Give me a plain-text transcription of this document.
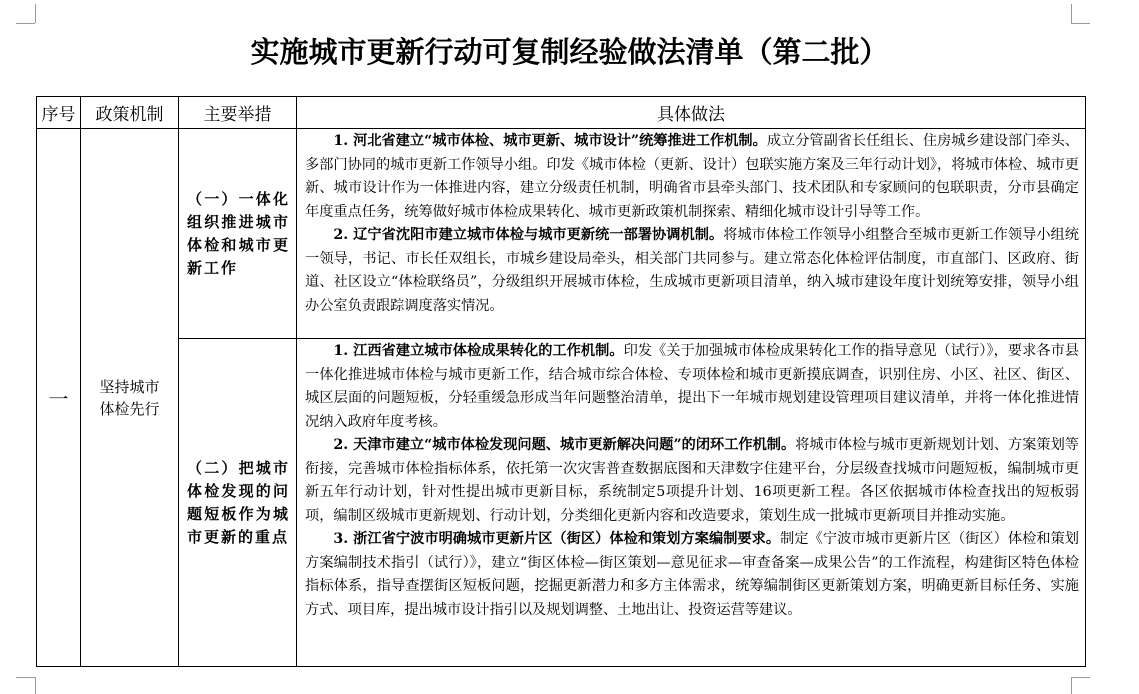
实施城市更新行动可复制经验做法清单（第二批）
序号	政策机制	主要举措	具体做法
一	坚持城市体检先行	（一）一体化组织推进城市体检和城市更新工作	1. 河北省建立“城市体检、城市更新、城市设计”统筹推进工作机制。成立分管副省长任组长、住房城乡建设部门牵头、多部门协同的城市更新工作领导小组。印发《城市体检（更新、设计）包联实施方案及三年行动计划》，将城市体检、城市更新、城市设计作为一体推进内容，建立分级责任机制，明确省市县牵头部门、技术团队和专家顾问的包联职责，分市县确定年度重点任务，统筹做好城市体检成果转化、城市更新政策机制探索、精细化城市设计引导等工作。

2. 辽宁省沈阳市建立城市体检与城市更新统一部署协调机制。将城市体检工作领导小组整合至城市更新工作领导小组统一领导，书记、市长任双组长，市城乡建设局牵头，相关部门共同参与。建立常态化体检评估制度，市直部门、区政府、街道、社区设立“体检联络员”，分级组织开展城市体检，生成城市更新项目清单，纳入城市建设年度计划统筹安排，领导小组办公室负责跟踪调度落实情况。

		（二）把城市体检发现的问题短板作为城市更新的重点	1. 江西省建立城市体检成果转化的工作机制。印发《关于加强城市体检成果转化工作的指导意见（试行）》，要求各市县一体化推进城市体检与城市更新工作，结合城市综合体检、专项体检和城市更新摸底调查，识别住房、小区、社区、街区、城区层面的问题短板，分轻重缓急形成当年问题整治清单，提出下一年城市规划建设管理项目建议清单，并将一体化推进情况纳入政府年度考核。

2. 天津市建立“城市体检发现问题、城市更新解决问题”的闭环工作机制。将城市体检与城市更新规划计划、方案策划等衔接，完善城市体检指标体系，依托第一次灾害普查数据底图和天津数字住建平台，分层级查找城市问题短板，编制城市更新五年行动计划，针对性提出城市更新目标，系统制定5项提升计划、16项更新工程。各区依据城市体检查找出的短板弱项，编制区级城市更新规划、行动计划，分类细化更新内容和改造要求，策划生成一批城市更新项目并推动实施。

3. 浙江省宁波市明确城市更新片区（街区）体检和策划方案编制要求。制定《宁波市城市更新片区（街区）体检和策划方案编制技术指引（试行）》，建立“街区体检—街区策划—意见征求—审查备案—成果公告”的工作流程，构建街区特色体检指标体系，指导查摆街区短板问题，挖掘更新潜力和多方主体需求，统筹编制街区更新策划方案，明确更新目标任务、实施方式、项目库，提出城市设计指引以及规划调整、土地出让、投资运营等建议。
